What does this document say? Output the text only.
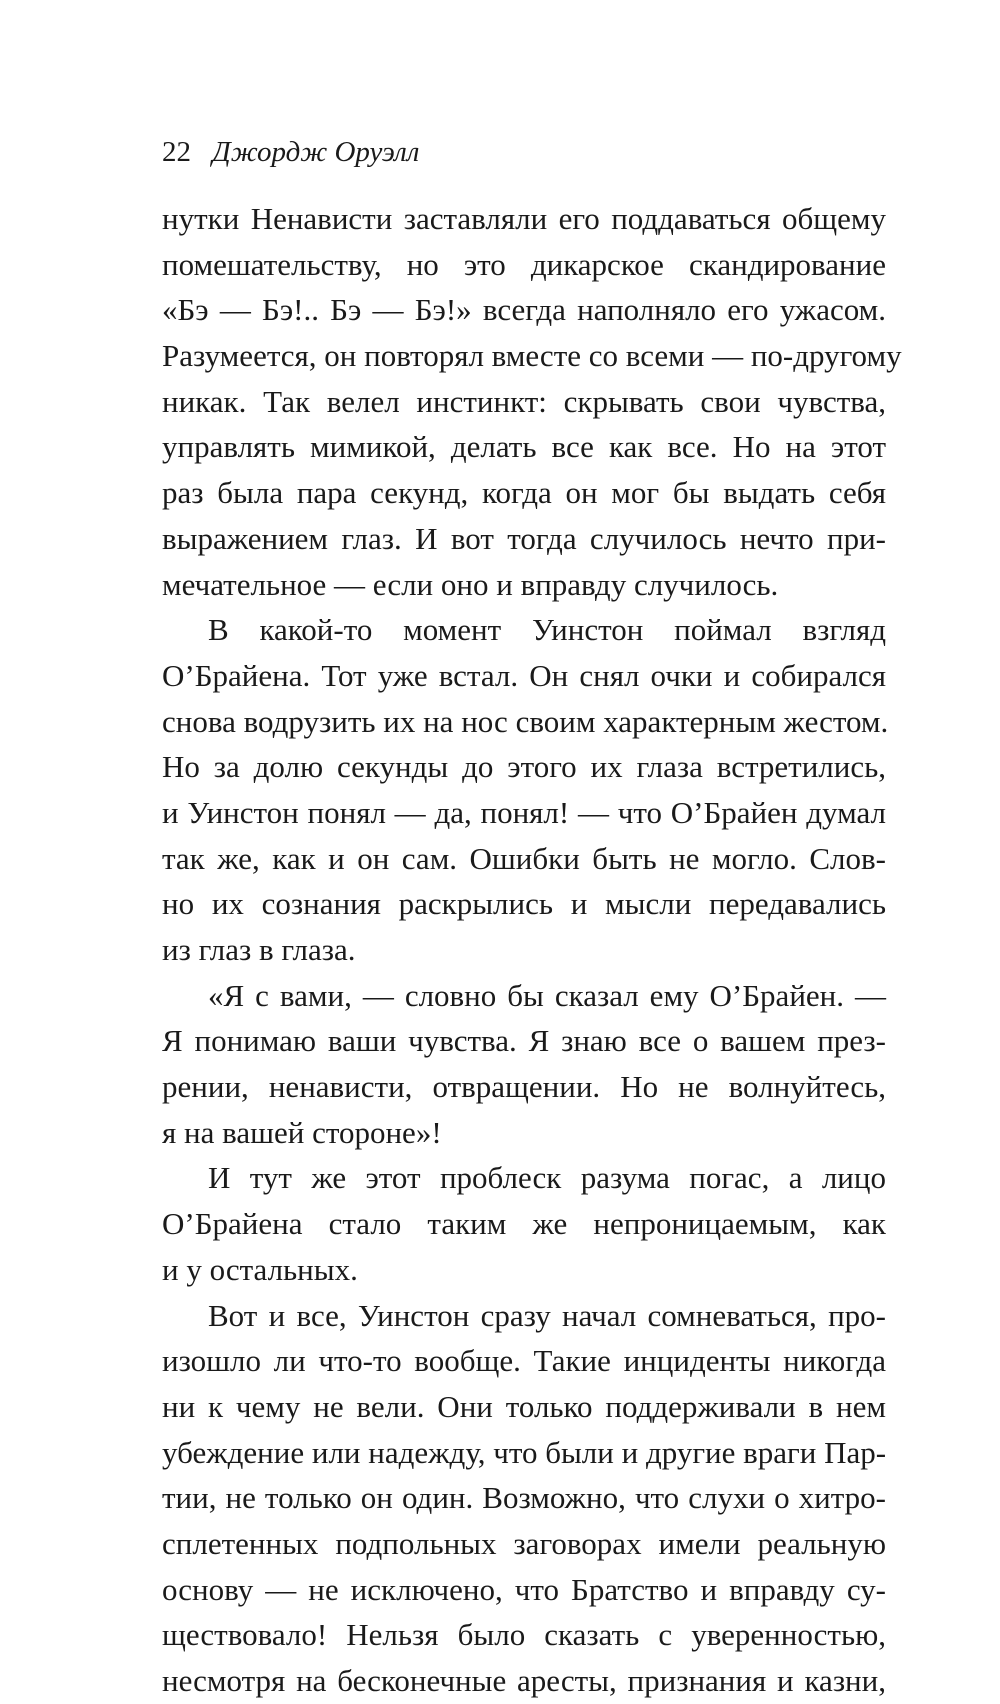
22 Джордж Оруэлл
нутки Ненависти заставляли его поддаваться общему
помешательству, но это дикарское скандирование
«Бэ — Бэ!.. Бэ — Бэ!» всегда наполняло его ужасом.
Разумеется, он повторял вместе со всеми — по-другому
никак. Так велел инстинкт: скрывать свои чувства,
управлять мимикой, делать все как все. Но на этот
раз была пара секунд, когда он мог бы выдать себя
выражением глаз. И вот тогда случилось нечто при-
мечательное — если оно и вправду случилось.
В какой-то момент Уинстон поймал взгляд
О’Брайена. Тот уже встал. Он снял очки и собирался
снова водрузить их на нос своим характерным жестом.
Но за долю секунды до этого их глаза встретились,
и Уинстон понял — да, понял! — что О’Брайен думал
так же, как и он сам. Ошибки быть не могло. Слов-
но их сознания раскрылись и мысли передавались
из глаз в глаза.
«Я с вами, — словно бы сказал ему О’Брайен. —
Я понимаю ваши чувства. Я знаю все о вашем през-
рении, ненависти, отвращении. Но не волнуйтесь,
я на вашей стороне»!
И тут же этот проблеск разума погас, а лицо
О’Брайена стало таким же непроницаемым, как
и у остальных.
Вот и все, Уинстон сразу начал сомневаться, про-
изошло ли что-то вообще. Такие инциденты никогда
ни к чему не вели. Они только поддерживали в нем
убеждение или надежду, что были и другие враги Пар-
тии, не только он один. Возможно, что слухи о хитро-
сплетенных подпольных заговорах имели реальную
основу — не исключено, что Братство и вправду су-
ществовало! Нельзя было сказать с уверенностью,
несмотря на бесконечные аресты, признания и казни,
